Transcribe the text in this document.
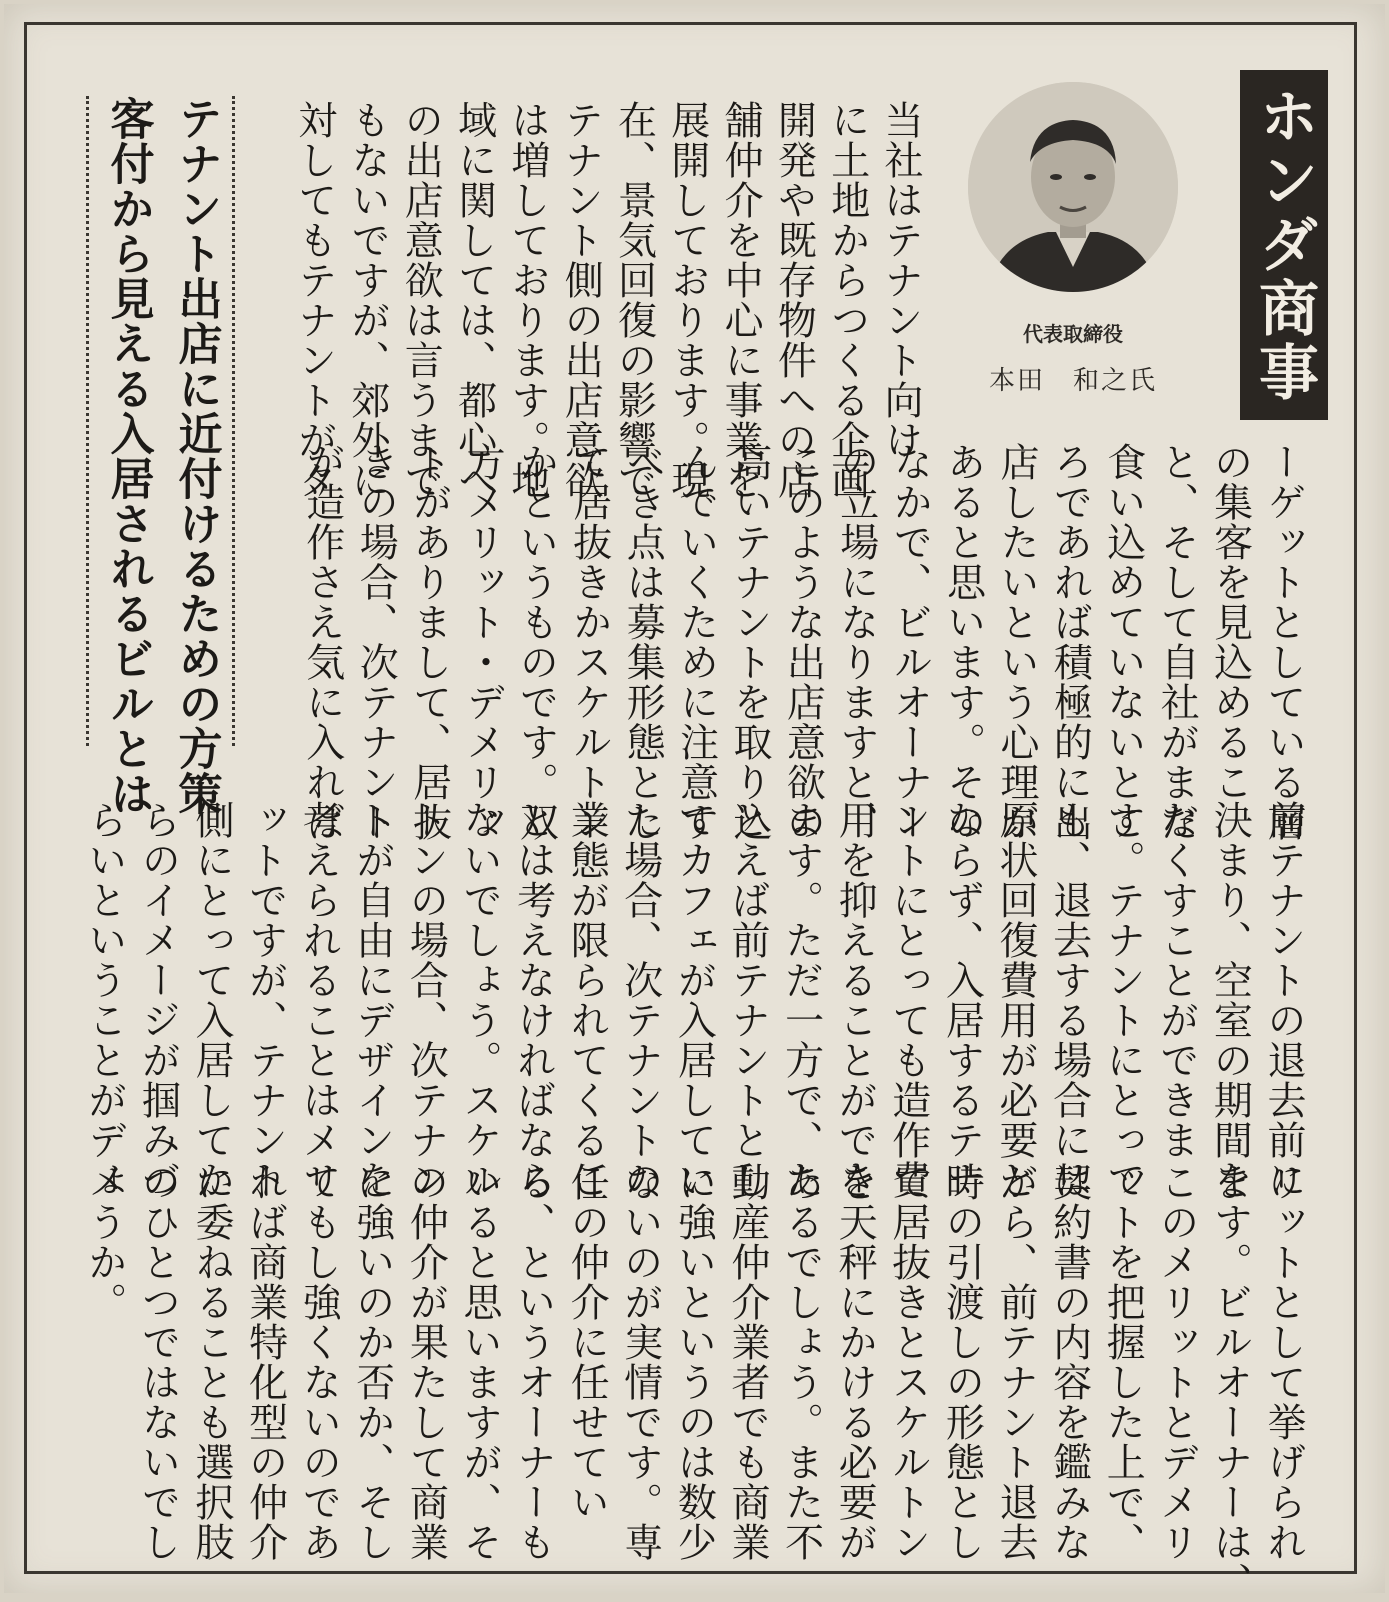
ホンダ商事
代表取締役
本田　和之氏
テナント出店に近付けるための方策
客付から見える入居されるビルとは	当社はテナント向け
に土地からつくる企画
開発や既存物件への店
舗仲介を中心に事業を
展開しております。現
在、景気回復の影響で
テナント側の出店意欲
は増しております。地
域に関しては、都心へ
の出店意欲は言うまで
もないですが、郊外に
対してもテナントがタ
ーゲットとしている層
の集客を見込めるこ
と、そして自社がまだ
食い込めていないとこ
ろであれば積極的に出
店したいという心理が
あると思います。その
なかで、ビルオーナー
の立場になりますと、
このような出店意欲の
高いテナントを取り込
んでいくために注意す
べき点は募集形態とし
て居抜きかスケルトン
かというものです。双
方メリット・デメリッ
トがありまして、居抜
きの場合、次テナント
が造作さえ気に入れば
前テナントの退去前に
決まり、空室の期間を
なくすことができま
す。テナントにとって
も、退去する場合には
原状回復費用が必要と
ならず、入居するテナ
ントにとっても造作費
用を抑えることができ
ます。ただ一方で、た
とえば前テナントとし
てカフェが入居してい
た場合、次テナントの
業態が限られてくるこ
とは考えなければなら
ないでしょう。スケル
トンの場合、次テナン
トが自由にデザインを
考えられることはメリ
ットですが、テナント
側にとって入居してか
らのイメージが掴みづ
らいということがデメ
リットとして挙げられ
ます。ビルオーナーは、
このメリットとデメリ
ットを把握した上で、
契約書の内容を鑑みな
がら、前テナント退去
時の引渡しの形態とし
て居抜きとスケルトン
を天秤にかける必要が
あるでしょう。また不
動産仲介業者でも商業
に強いというのは数少
ないのが実情です。専
任の仲介に任せてい
る、というオーナーも
いると思いますが、そ
の仲介が果たして商業
に強いのか否か、そし
てもし強くないのであ
れば商業特化型の仲介
に委ねることも選択肢
のひとつではないでし
ょうか。
